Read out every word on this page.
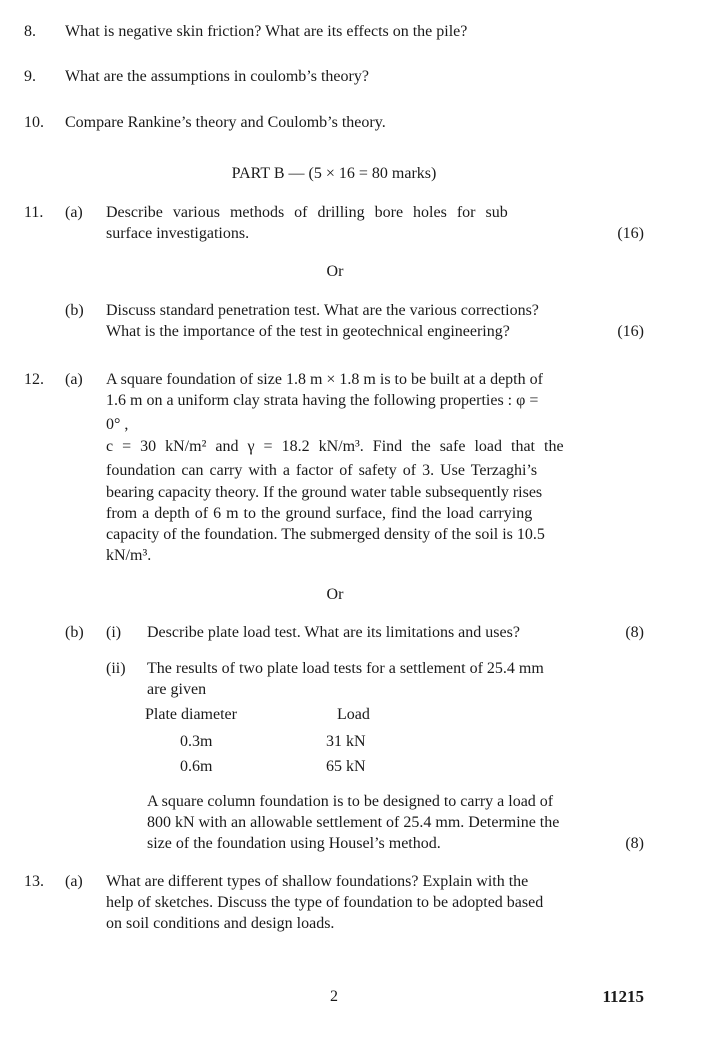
8. What is negative skin friction? What are its effects on the pile?
9. What are the assumptions in coulomb’s theory?
10. Compare Rankine’s theory and Coulomb’s theory.
PART B — (5 × 16 = 80 marks)
11. (a) Describe various methods of drilling bore holes for sub
surface investigations.	(16)
Or
(b) Discuss standard penetration test. What are the various corrections?
What is the importance of the test in geotechnical engineering?	(16)
12. (a) A square foundation of size 1.8 m × 1.8 m is to be built at a depth of
1.6 m on a uniform clay strata having the following properties : φ =
0° ,
c = 30 kN/m² and γ = 18.2 kN/m³. Find the safe load that the
foundation can carry with a factor of safety of 3. Use Terzaghi’s
bearing capacity theory. If the ground water table subsequently rises
from a depth of 6 m to the ground surface, find the load carrying
capacity of the foundation. The submerged density of the soil is 10.5
kN/m³.
Or
(b) (i) Describe plate load test. What are its limitations and uses?	(8)
(ii) The results of two plate load tests for a settlement of 25.4 mm
are given
Plate diameter	Load
0.3m	31 kN
0.6m	65 kN
A square column foundation is to be designed to carry a load of
800 kN with an allowable settlement of 25.4 mm. Determine the
size of the foundation using Housel’s method.	(8)
13. (a) What are different types of shallow foundations? Explain with the
help of sketches. Discuss the type of foundation to be adopted based
on soil conditions and design loads.
2	11215
